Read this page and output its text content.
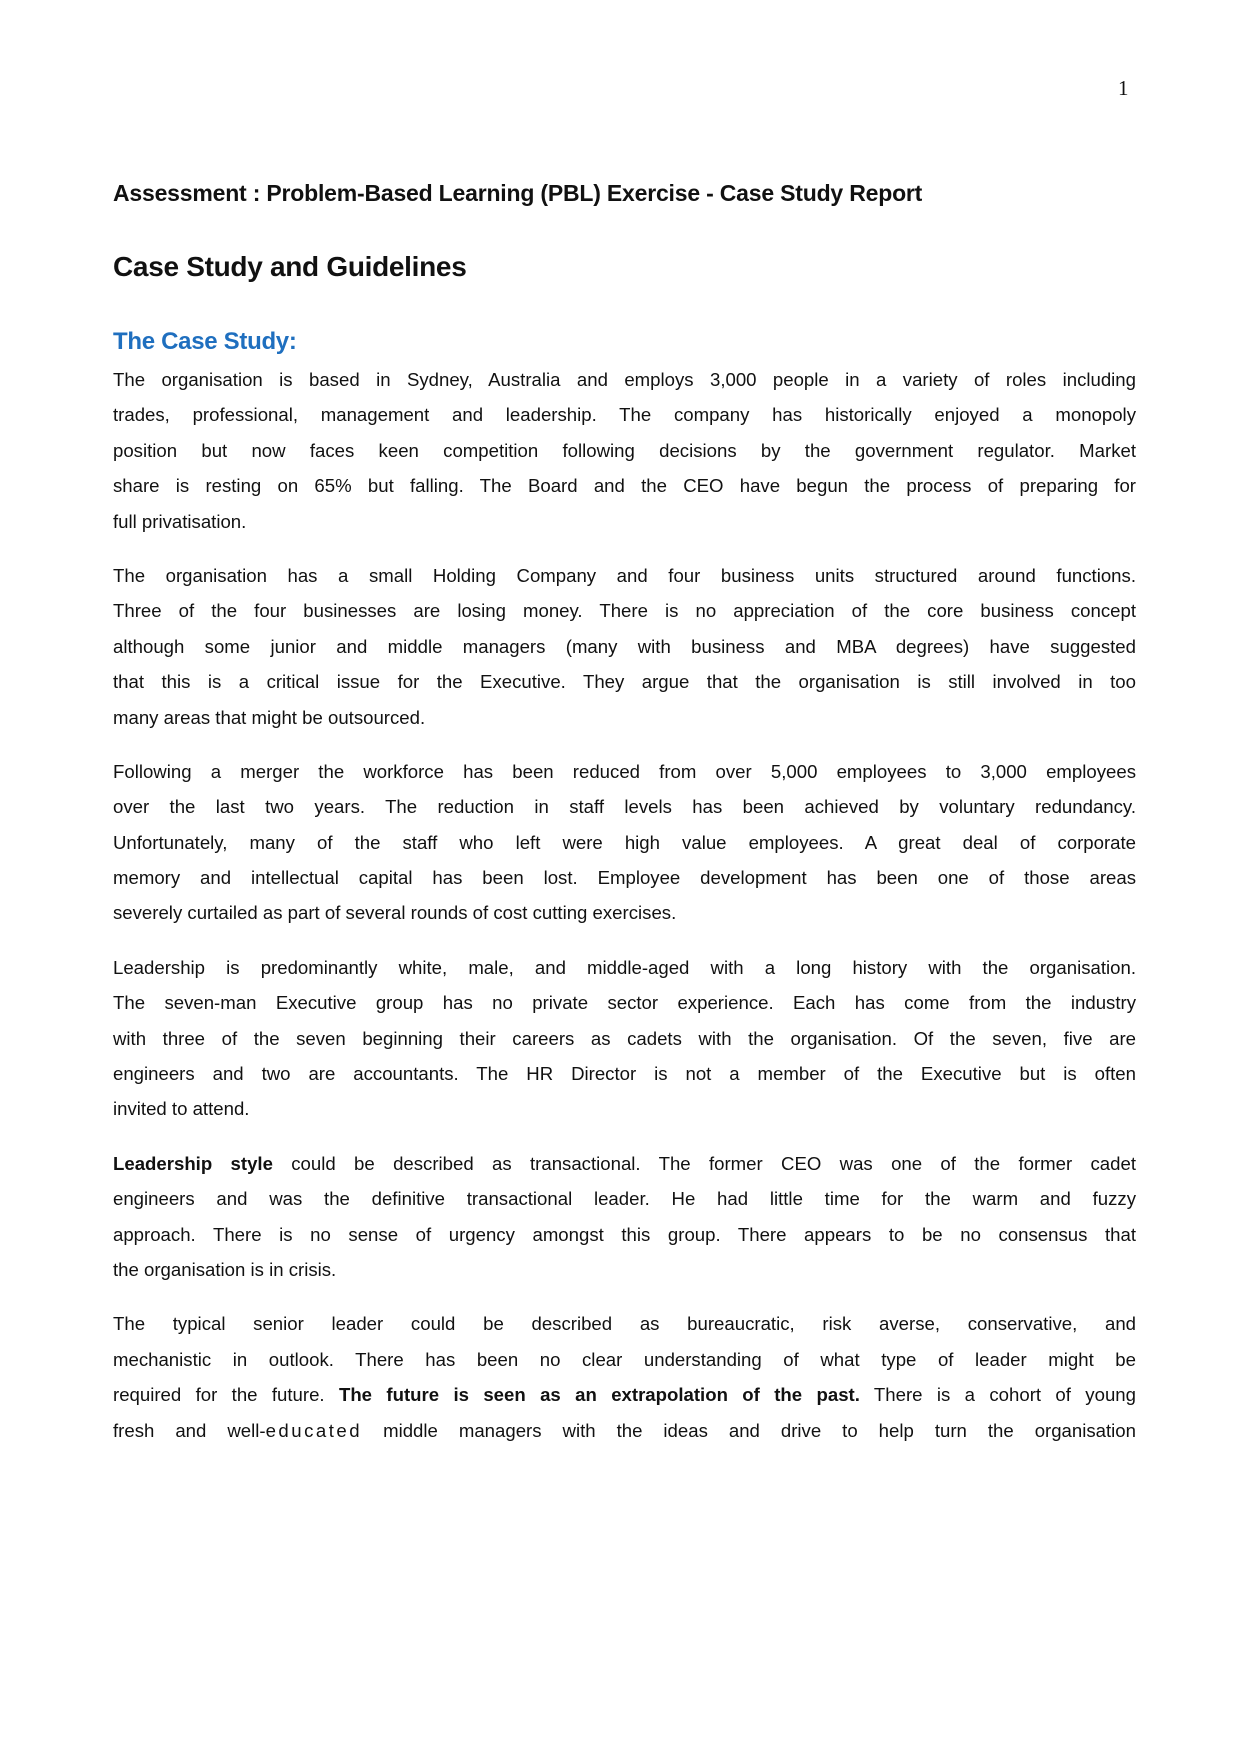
1
Assessment : Problem-Based Learning (PBL) Exercise - Case Study Report
Case Study and Guidelines
The Case Study:
The organisation is based in Sydney, Australia and employs 3,000 people in a variety of roles including
trades, professional, management and leadership. The company has historically enjoyed a monopoly
position but now faces keen competition following decisions by the government regulator. Market
share is resting on 65% but falling. The Board and the CEO have begun the process of preparing for
full privatisation.
The organisation has a small Holding Company and four business units structured around functions.
Three of the four businesses are losing money. There is no appreciation of the core business concept
although some junior and middle managers (many with business and MBA degrees) have suggested
that this is a critical issue for the Executive. They argue that the organisation is still involved in too
many areas that might be outsourced.
Following a merger the workforce has been reduced from over 5,000 employees to 3,000 employees
over the last two years. The reduction in staff levels has been achieved by voluntary redundancy.
Unfortunately, many of the staff who left were high value employees. A great deal of corporate
memory and intellectual capital has been lost. Employee development has been one of those areas
severely curtailed as part of several rounds of cost cutting exercises.
Leadership is predominantly white, male, and middle-aged with a long history with the organisation.
The seven-man Executive group has no private sector experience. Each has come from the industry
with three of the seven beginning their careers as cadets with the organisation. Of the seven, five are
engineers and two are accountants. The HR Director is not a member of the Executive but is often
invited to attend.
Leadership style could be described as transactional. The former CEO was one of the former cadet
engineers and was the definitive transactional leader. He had little time for the warm and fuzzy
approach. There is no sense of urgency amongst this group. There appears to be no consensus that
the organisation is in crisis.
The typical senior leader could be described as bureaucratic, risk averse, conservative, and
mechanistic in outlook. There has been no clear understanding of what type of leader might be
required for the future. The future is seen as an extrapolation of the past. There is a cohort of young
fresh and well-educated middle managers with the ideas and drive to help turn the organisation
